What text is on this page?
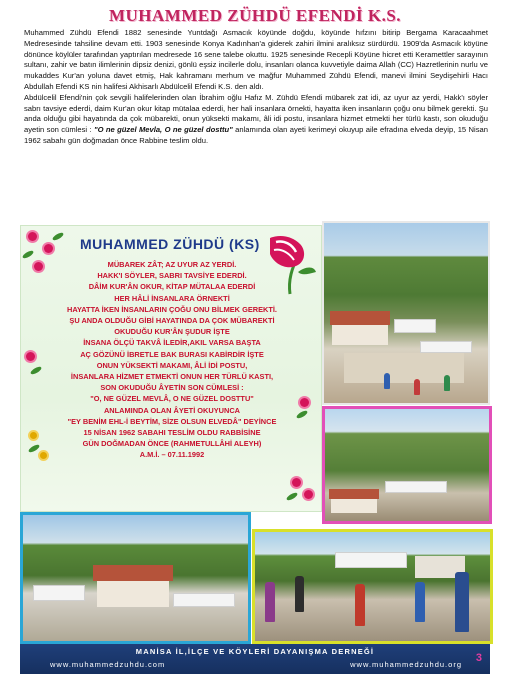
MUHAMMED ZÜHDÜ EFENDİ K.S.

Muhammed Zühdü Efendi 1882 senesinde Yuntdağı Asmacık köyünde doğdu, köyünde hıfzını bitirip Bergama Karacaahmet Medresesinde tahsiline devam etti. 1903 senesinde Konya Kadınhan'a giderek zahiri ilmini aralıksız sürdürdü. 1909'da Asmacık köyüne dönünce köylüler tarafından yaptırılan medresede 16 sene talebe okuttu. 1925 senesinde Recepli Köyüne hicret etti Keramettler sarayının sultanı, zahir ve batın ilimlerinin dipsiz denizi, gönlü eşsiz incilerle dolu, insanları olanca kuvvetiyle daima Allah (CC) Hazretlerinin nurlu ve mukaddes Kur'an yoluna davet etmiş, Hak kahramanı merhum ve mağfur Muhammed Zühdü Efendi, manevi ilmini Seydişehirli Hacı Abdullah Efendi KS nin halifesi Akhisarlı Abdülcelil Efendi K.S. den aldı.

Abdülcelil Efendi'nin çok sevgili halifelerinden olan İbrahim oğlu Hafız M. Zühdü Efendi mübarek zat idi, az uyur az yerdi, Hakk'ı söyler sabrı tavsiye ederdi, daim Kur'an okur kitap mütalaa ederdi, her hali insanlara örnekti, hayatta iken insanların çoğu onu bilmek gerekti. Şu anda olduğu gibi hayatında da çok mübarekti, onun yüksekti makamı, âli idi postu, insanlara hizmet etmekti her türlü kastı, son okuduğu ayetin son cümlesi : "O ne güzel Mevla, O ne güzel dosttu" anlamında olan ayeti kerimeyi okuyup aile efradına elveda deyip, 15 Nisan 1962 sabahı gün doğmadan önce Rabbine teslim oldu.

MUHAMMED ZÜHDÜ (KS)
MÜBAREK ZÂT; AZ UYUR AZ YERDİ.
HAKK'I SÖYLER, SABRI TAVSİYE EDERDİ.
DÂİM KUR'ÂN OKUR, KİTAP MÜTALAA EDERDİ
HER HÂLİ İNSANLARA ÖRNEKTİ
HAYATTA İKEN İNSANLARIN ÇOĞU ONU BİLMEK GEREKTİ.
ŞU ANDA OLDUĞU GİBİ HAYATINDA DA ÇOK MÜBAREKTİ
OKUDUĞU KUR'ÂN ŞUDUR İŞTE
İNSANA ÖLÇÜ TAKVÂ İLEDİR,AKIL VARSA BAŞTA
AÇ GÖZÜNÜ İBRETLE BAK BURASI KABİRDİR İŞTE
ONUN YÜKSEKTİ MAKAMI, ÂLİ İDİ POSTU,
İNSANLARA HİZMET ETMEKTİ ONUN HER TÜRLÜ KASTI,
SON OKUDUĞU ÂYETİN SON CÜMLESİ :
"O, NE GÜZEL MEVLÂ, O NE GÜZEL DOSTTU"
ANLAMINDA OLAN ÂYETİ OKUYUNCA
"EY BENİM EHL-İ BEYTİM, SİZE OLSUN ELVEDÂ" DEYİNCE
15 NİSAN 1962 SABAHI TESLİM OLDU RABBİSİNE
GÜN DOĞMADAN ÖNCE (RAHMETULLÂHİ ALEYH)
A.M.İ. – 07.11.1992
MANİSA İL,İLÇE VE KÖYLERİ DAYANIŞMA DERNEĞİ
www.muhammedzuhdu.com	www.muhammedzuhdu.org
3
